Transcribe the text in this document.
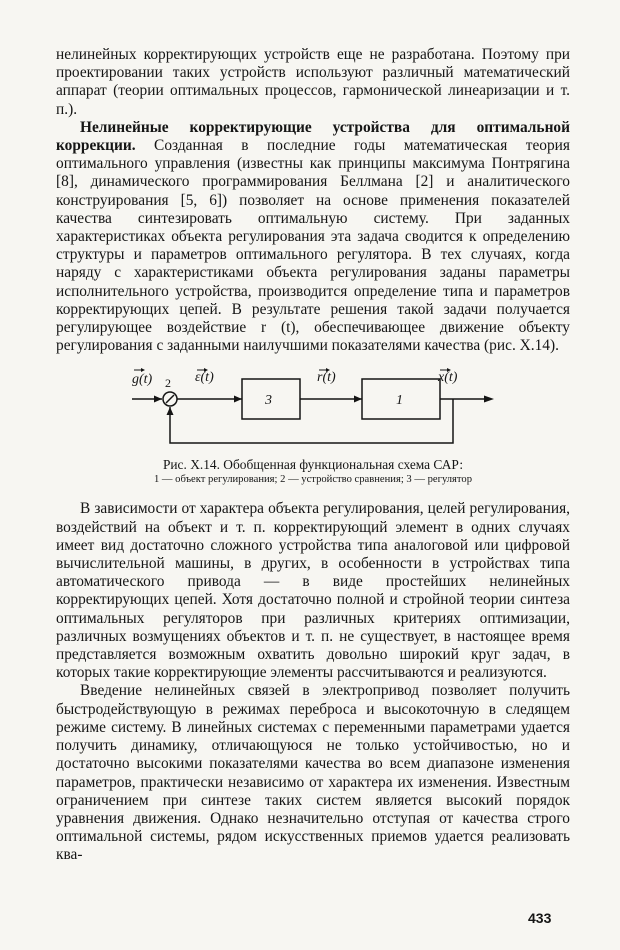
нелинейных корректирующих устройств еще не разработана. Поэтому при проектировании таких устройств используют различный математический аппарат (теории оптимальных процессов, гармонической линеаризации и т. п.).

Нелинейные корректирующие устройства для оптимальной коррекции. Созданная в последние годы математическая теория оптимального управления (известны как принципы максимума Понтрягина [8], динамического программирования Беллмана [2] и аналитического конструирования [5, 6]) позволяет на основе применения показателей качества синтезировать оптимальную систему. При заданных характеристиках объекта регулирования эта задача сводится к определению структуры и параметров оптимального регулятора. В тех случаях, когда наряду с характеристиками объекта регулирования заданы параметры исполнительного устройства, производится определение типа и параметров корректирующих цепей. В результате решения такой задачи получается регулирующее воздействие r (t), обеспечивающее движение объекту регулирования с заданными наилучшими показателями качества (рис. X.14).

g(t) 2 ε(t)	r(t)	x(t)
3	1

Рис. X.14. Обобщенная функциональная схема САР:

1 — объект регулирования; 2 — устройство сравнения; 3 — регулятор

В зависимости от характера объекта регулирования, целей регулирования, воздействий на объект и т. п. корректирующий элемент в одних случаях имеет вид достаточно сложного устройства типа аналоговой или цифровой вычислительной машины, в других, в особенности в устройствах типа автоматического привода — в виде простейших нелинейных корректирующих цепей. Хотя достаточно полной и стройной теории синтеза оптимальных регуляторов при различных критериях оптимизации, различных возмущениях объектов и т. п. не существует, в настоящее время представляется возможным охватить довольно широкий круг задач, в которых такие корректирующие элементы рассчитываются и реализуются.

Введение нелинейных связей в электропривод позволяет получить быстродействующую в режимах переброса и высокоточную в следящем режиме систему. В линейных системах с переменными параметрами удается получить динамику, отличающуюся не только устойчивостью, но и достаточно высокими показателями качества во всем диапазоне изменения параметров, практически независимо от характера их изменения. Известным ограничением при синтезе таких систем является высокий порядок уравнения движения. Однако незначительно отступая от качества строго оптимальной системы, рядом искусственных приемов удается реализовать ква-

433
